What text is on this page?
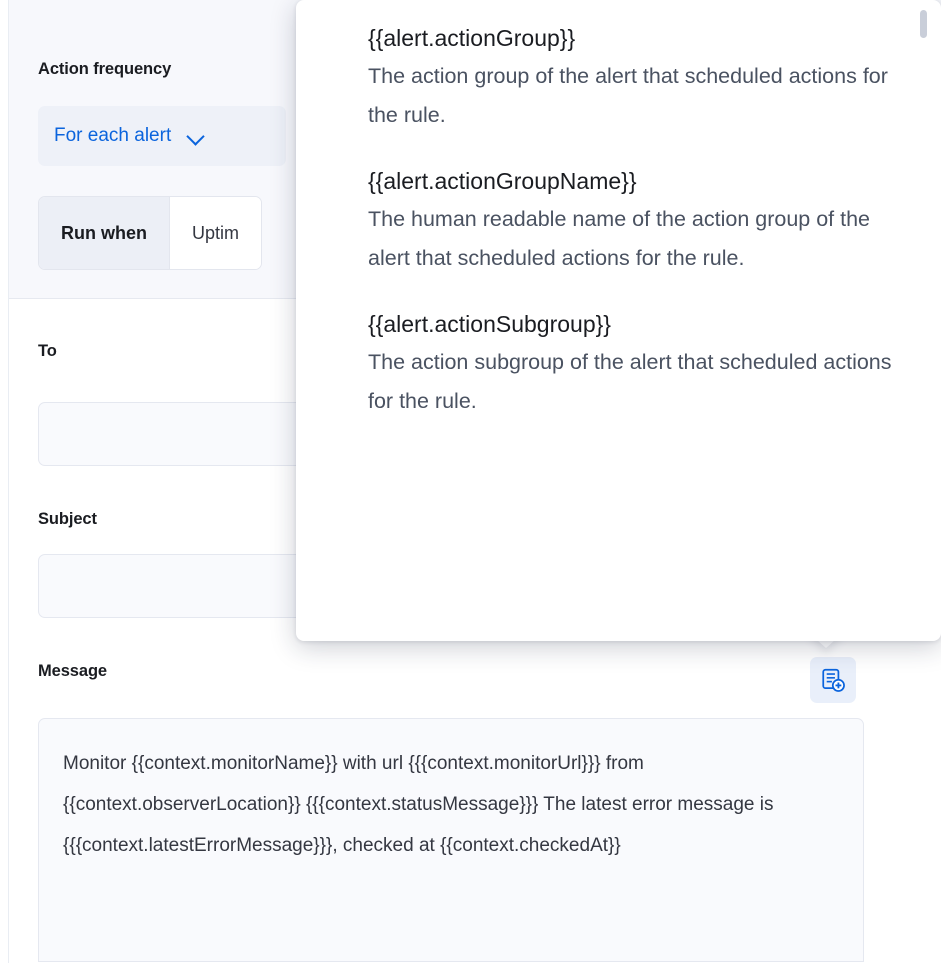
Action frequency
For each alert
Run when	Uptim
To
Subject
Message
Monitor {{context.monitorName}} with url {{{context.monitorUrl}}} from {{context.observerLocation}} {{{context.statusMessage}}} The latest error message is {{{context.latestErrorMessage}}}, checked at {{context.checkedAt}}
{{alert.actionGroup}}
The action group of the alert that scheduled actions for the rule.
{{alert.actionGroupName}}
The human readable name of the action group of the alert that scheduled actions for the rule.
{{alert.actionSubgroup}}
The action subgroup of the alert that scheduled actions for the rule.
